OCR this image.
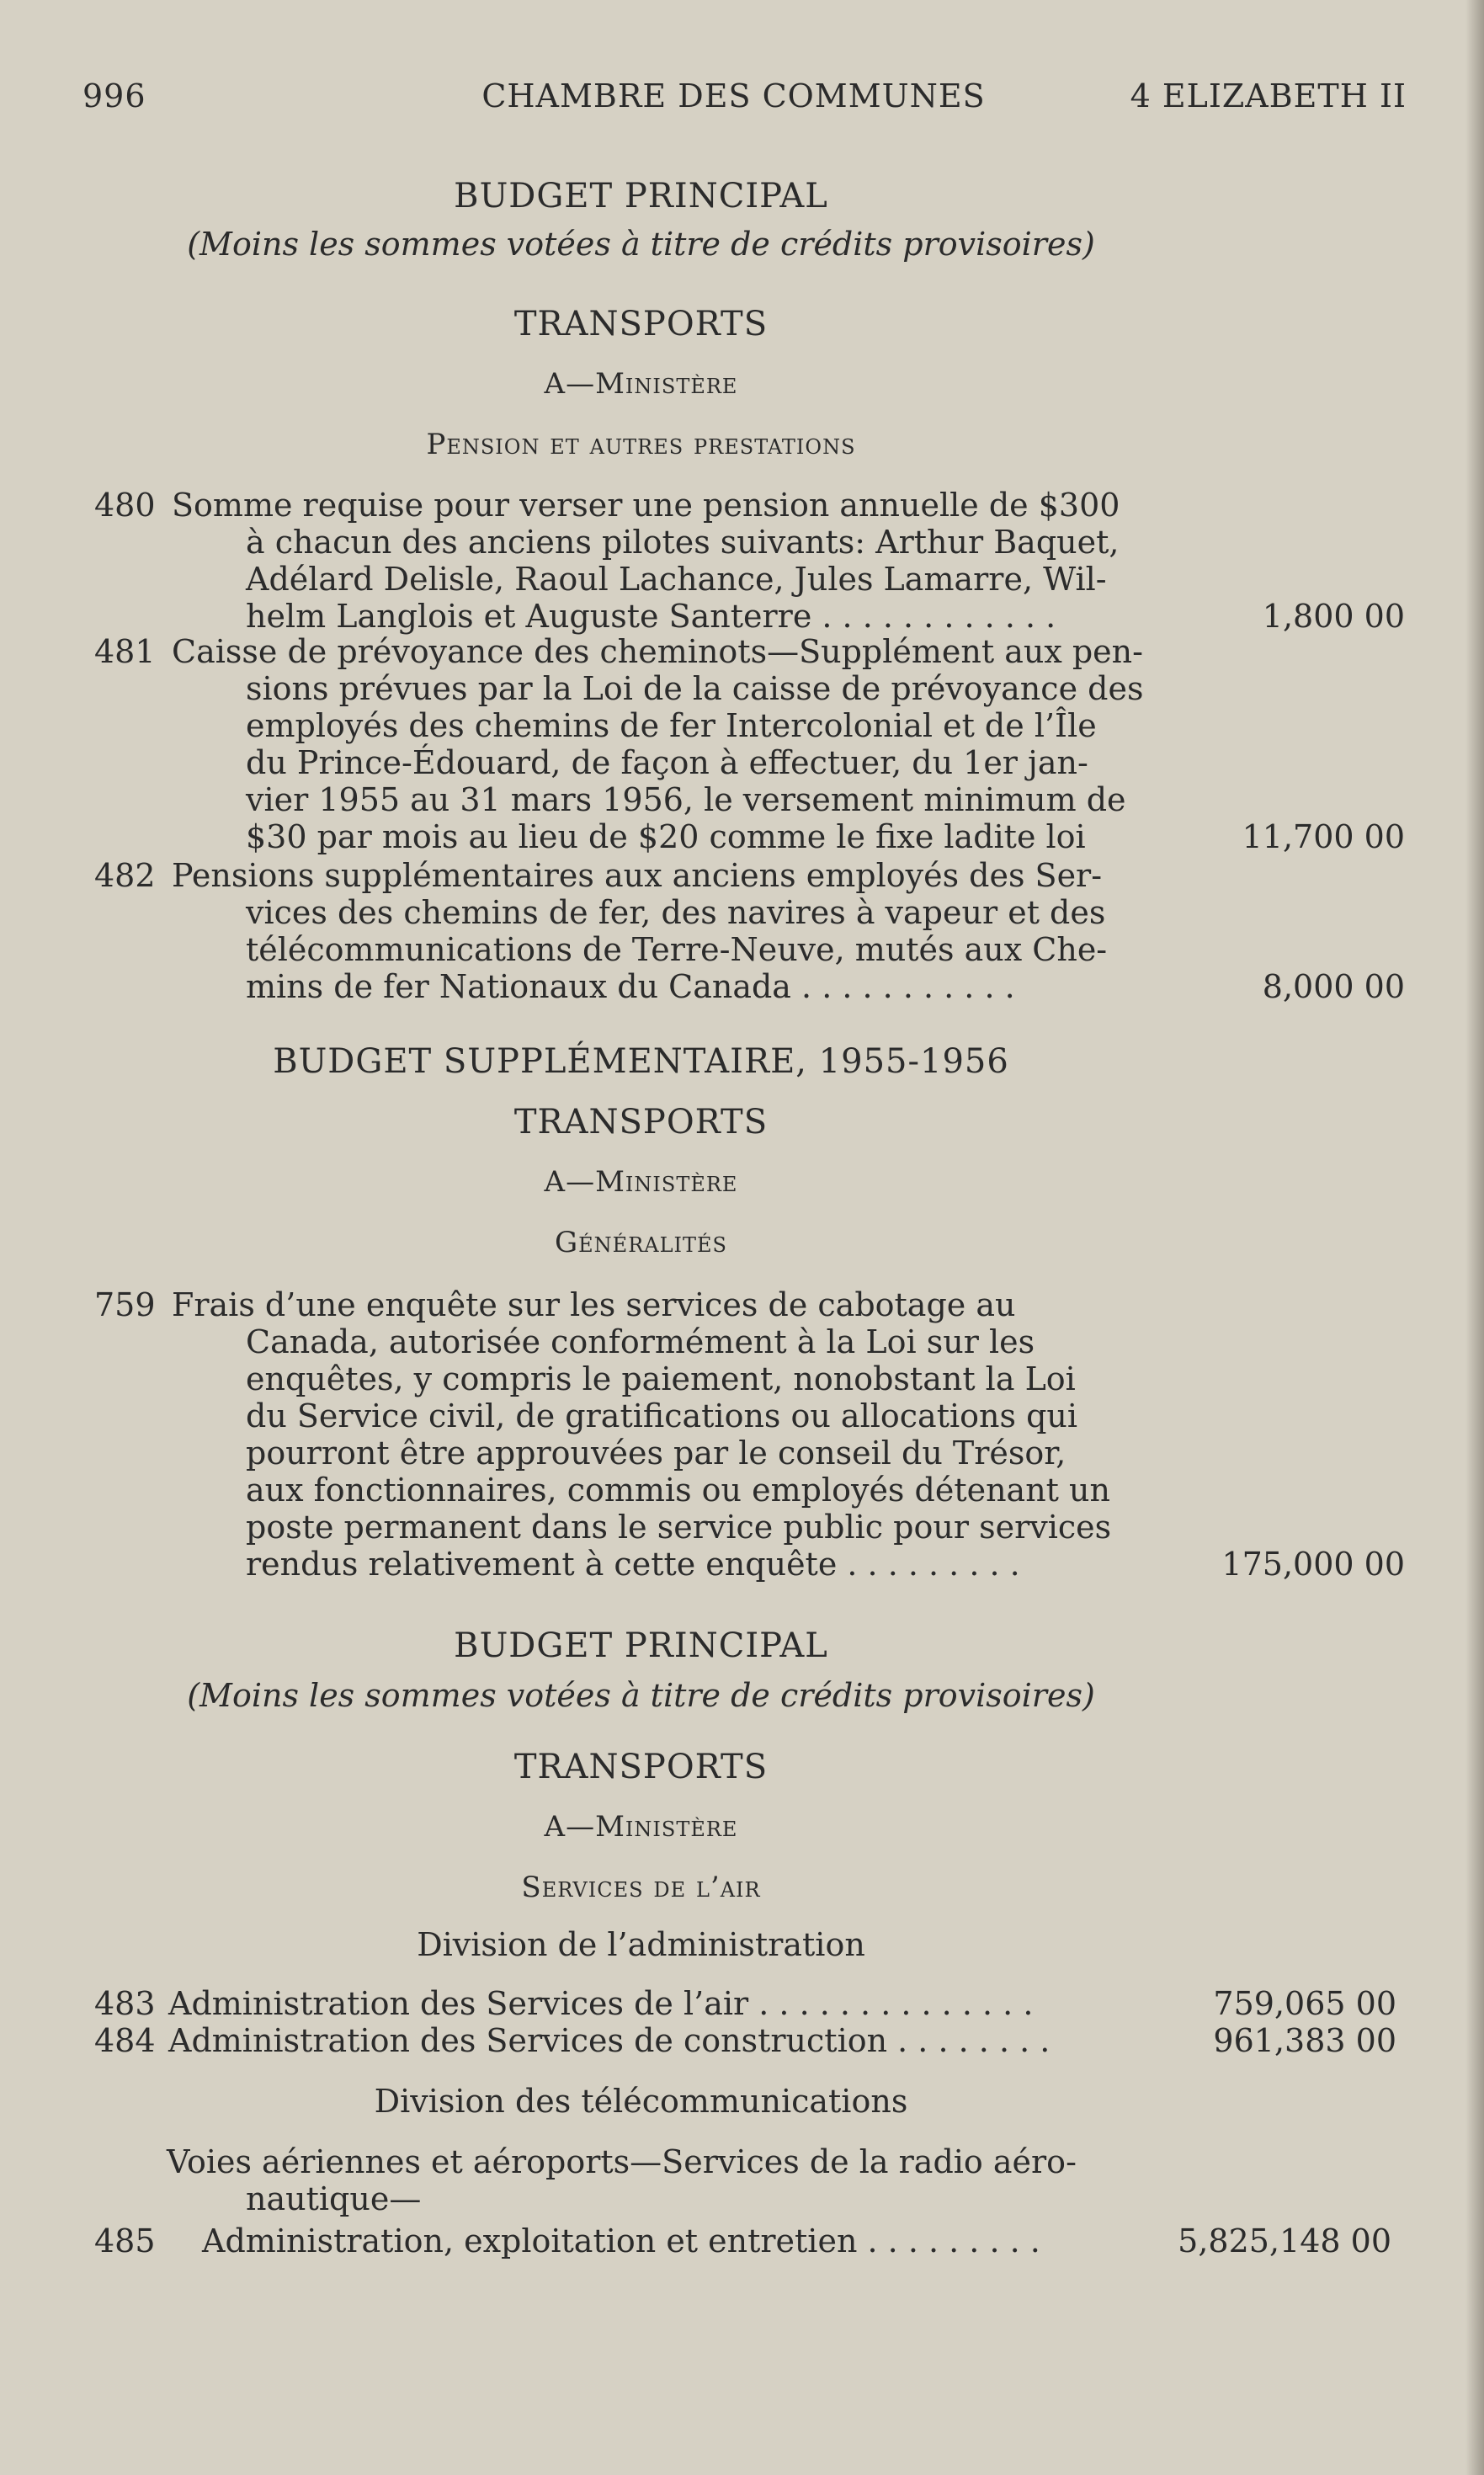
996	CHAMBRE DES COMMUNES	4 ELIZABETH II
BUDGET PRINCIPAL
(Moins les sommes votées à titre de crédits provisoires)
TRANSPORTS
A—Ministère
Pension et autres prestations
480 Somme requise pour verser une pension annuelle de $300
à chacun des anciens pilotes suivants: Arthur Baquet,
Adélard Delisle, Raoul Lachance, Jules Lamarre, Wil-
helm Langlois et Auguste Santerre . . . . . . . . . . . .	1,800 00
481 Caisse de prévoyance des cheminots—Supplément aux pen-
sions prévues par la Loi de la caisse de prévoyance des
employés des chemins de fer Intercolonial et de l’Île
du Prince-Édouard, de façon à effectuer, du 1er jan-
vier 1955 au 31 mars 1956, le versement minimum de
$30 par mois au lieu de $20 comme le fixe ladite loi	11,700 00
482 Pensions supplémentaires aux anciens employés des Ser-
vices des chemins de fer, des navires à vapeur et des
télécommunications de Terre-Neuve, mutés aux Che-
mins de fer Nationaux du Canada . . . . . . . . . . .	8,000 00
BUDGET SUPPLÉMENTAIRE, 1955-1956
TRANSPORTS
A—Ministère
Généralités
759 Frais d’une enquête sur les services de cabotage au
Canada, autorisée conformément à la Loi sur les
enquêtes, y compris le paiement, nonobstant la Loi
du Service civil, de gratifications ou allocations qui
pourront être approuvées par le conseil du Trésor,
aux fonctionnaires, commis ou employés détenant un
poste permanent dans le service public pour services
rendus relativement à cette enquête . . . . . . . . .	175,000 00
BUDGET PRINCIPAL
(Moins les sommes votées à titre de crédits provisoires)
TRANSPORTS
A—Ministère
Services de l’air
Division de l’administration
483 Administration des Services de l’air . . . . . . . . . . . . . .	759,065 00
484 Administration des Services de construction . . . . . . . .	961,383 00
Division des télécommunications
Voies aériennes et aéroports—Services de la radio aéro-
nautique—
485 Administration, exploitation et entretien . . . . . . . . .	5,825,148 00
